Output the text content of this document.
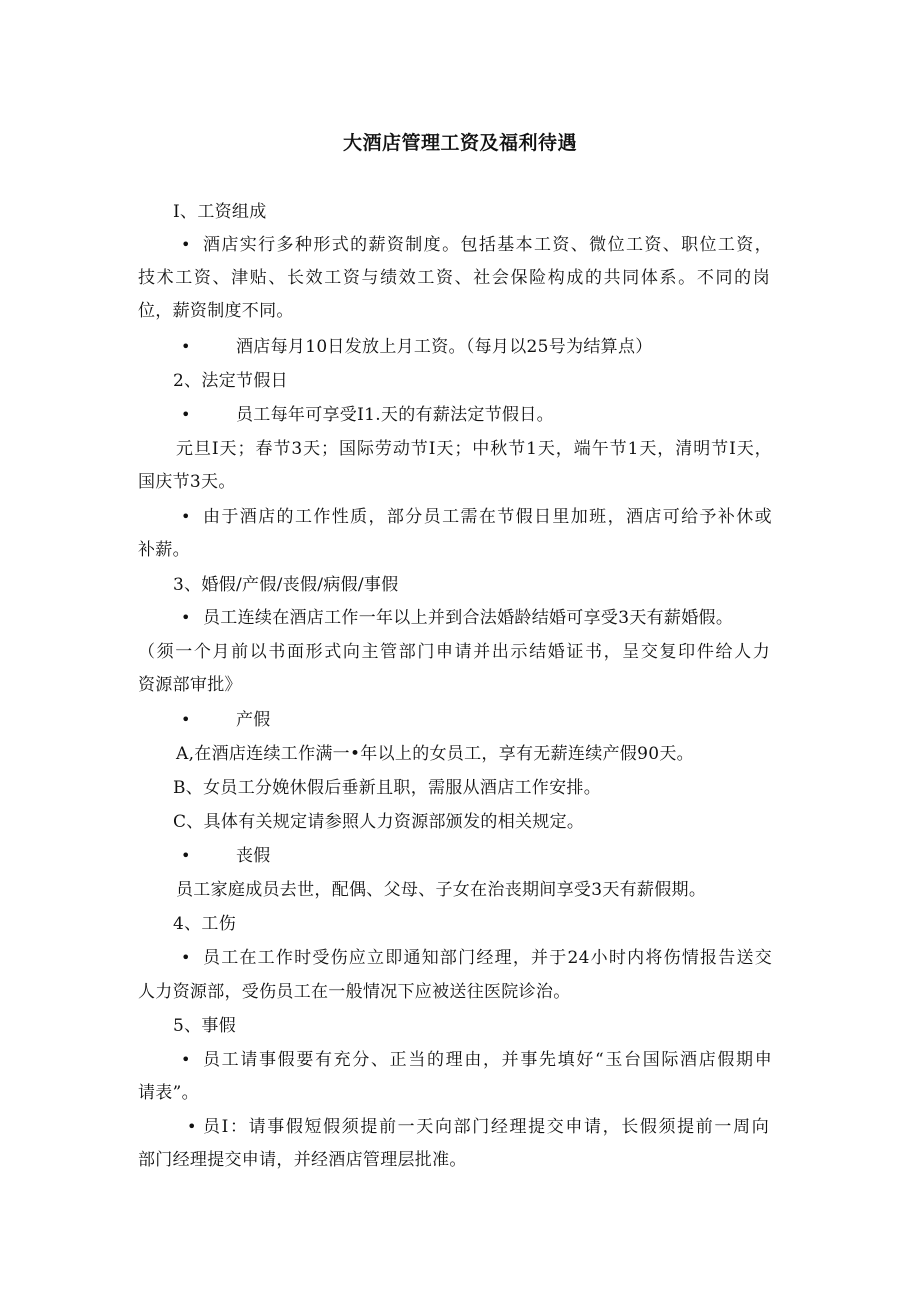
大酒店管理工资及福利待遇
I、工资组成
• 酒店实行多种形式的薪资制度。包括基本工资、微位工资、职位工资，
技术工资、津贴、长效工资与绩效工资、社会保险构成的共同体系。不同的岗
位，薪资制度不同。
•	酒店每月10日发放上月工资。（每月以25号为结算点）
2、法定节假日
•	员工每年可享受I1.天的有薪法定节假日。
元旦I天；春节3天；国际劳动节I天；中秋节1天，端午节1天，清明节I天，
国庆节3天。
• 由于酒店的工作性质，部分员工需在节假日里加班，酒店可给予补休或
补薪。
3、婚假/产假/丧假/病假/事假
• 员工连续在酒店工作一年以上并到合法婚龄结婚可享受3天有薪婚假。
（须一个月前以书面形式向主管部门申请并出示结婚证书，呈交复印件给人力
资源部审批》
•	产假
A,在酒店连续工作满一•年以上的女员工，享有无薪连续产假90天。
B、女员工分娩休假后垂新且职，需服从酒店工作安排。
C、具体有关规定请参照人力资源部颁发的相关规定。
•	丧假
员工家庭成员去世，配偶、父母、子女在治丧期间享受3天有薪假期。
4、工伤
• 员工在工作时受伤应立即通知部门经理，并于24小时内将伤情报告送交
人力资源部，受伤员工在一般情况下应被送往医院诊治。
5、事假
• 员工请事假要有充分、正当的理由，并事先填好“玉台国际酒店假期申
请表”。
• 员I：请事假短假须提前一天向部门经理提交申请，长假须提前一周向
部门经理提交申请，并经酒店管理层批准。
